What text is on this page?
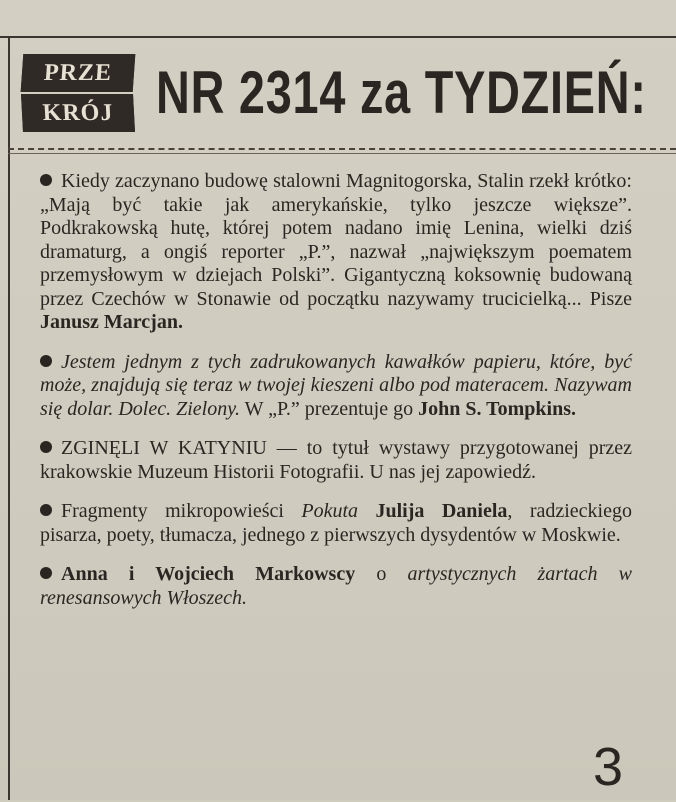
PRZE
KRÓJ NR 2314 za TYDZIEŃ:

Kiedy zaczynano budowę stalowni Magnitogorska, Stalin rzekł krótko: „Mają być takie jak amerykańskie, tylko jeszcze większe”. Podkrakowską hutę, której potem nadano imię Lenina, wielki dziś dramaturg, a ongiś reporter „P.”, nazwał „największym poematem przemysłowym w dziejach Polski”. Gigantyczną koksownię budowaną przez Czechów w Stonawie od początku nazywamy trucicielką... Pisze Janusz Marcjan.

Jestem jednym z tych zadrukowanych kawałków papieru, które, być może, znajdują się teraz w twojej kieszeni albo pod materacem. Nazywam się dolar. Dolec. Zielony. W „P.” prezentuje go John S. Tompkins.

ZGINĘLI W KATYNIU — to tytuł wystawy przygotowanej przez krakowskie Muzeum Historii Fotografii. U nas jej zapowiedź.

Fragmenty mikropowieści Pokuta Julija Daniela, radzieckiego pisarza, poety, tłumacza, jednego z pierwszych dysydentów w Moskwie.

Anna i Wojciech Markowscy o artystycznych żartach w renesansowych Włoszech.

3
